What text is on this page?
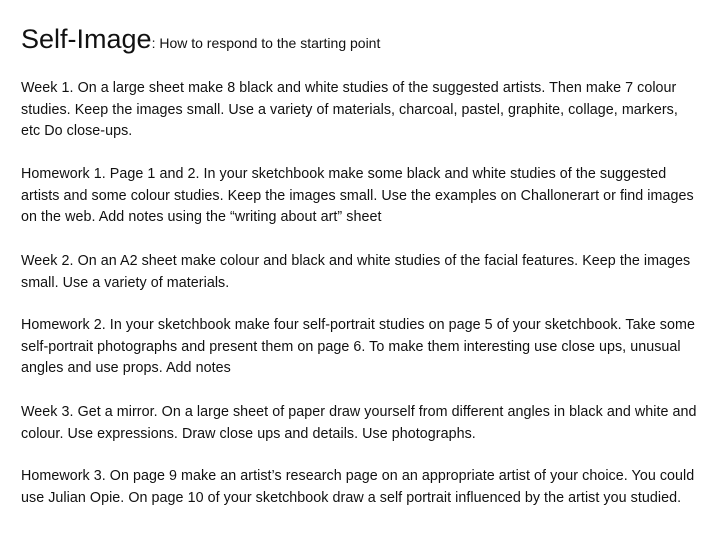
Self-Image: How to respond to the starting point
Week 1. On a large sheet make 8 black and white studies of the suggested artists. Then make 7 colour studies. Keep the images small. Use a variety of materials, charcoal, pastel, graphite, collage, markers, etc Do close-ups.
Homework 1. Page 1 and 2. In your sketchbook make some black and white studies of the suggested artists and some colour studies. Keep the images small. Use the examples on Challonerart or find images on the web. Add notes using the “writing about art” sheet
Week 2. On an A2 sheet make colour and black and white studies of the facial features. Keep the images small. Use a variety of materials.
Homework 2. In your sketchbook make four self-portrait studies on page 5 of your sketchbook. Take some self-portrait photographs and present them on page 6. To make them interesting use close ups, unusual angles and use props. Add notes
Week 3. Get a mirror. On a large sheet of paper draw yourself from different angles in black and white and colour. Use expressions. Draw close ups and details. Use photographs.
Homework 3. On page 9 make an artist’s research page on an appropriate artist of your choice. You could use Julian Opie. On page 10 of your sketchbook draw a self portrait influenced by the artist you studied.
